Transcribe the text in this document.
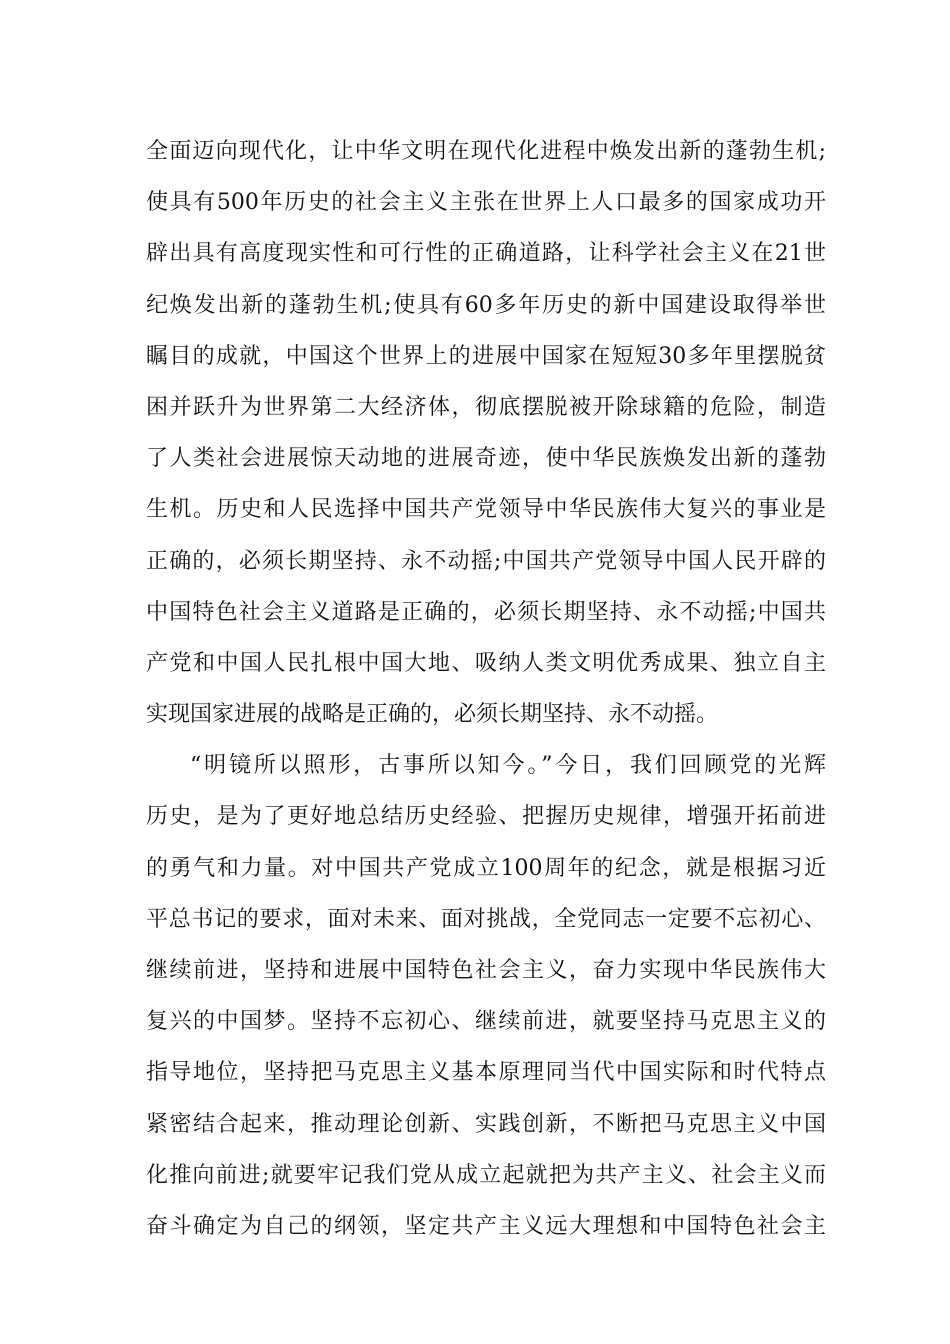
全面迈向现代化，让中华文明在现代化进程中焕发出新的蓬勃生机;
使具有500年历史的社会主义主张在世界上人口最多的国家成功开
辟出具有高度现实性和可行性的正确道路，让科学社会主义在21世
纪焕发出新的蓬勃生机;使具有60多年历史的新中国建设取得举世
瞩目的成就，中国这个世界上的进展中国家在短短30多年里摆脱贫
困并跃升为世界第二大经济体，彻底摆脱被开除球籍的危险，制造
了人类社会进展惊天动地的进展奇迹，使中华民族焕发出新的蓬勃
生机。历史和人民选择中国共产党领导中华民族伟大复兴的事业是
正确的，必须长期坚持、永不动摇;中国共产党领导中国人民开辟的
中国特色社会主义道路是正确的，必须长期坚持、永不动摇;中国共
产党和中国人民扎根中国大地、吸纳人类文明优秀成果、独立自主
实现国家进展的战略是正确的，必须长期坚持、永不动摇。
“明镜所以照形，古事所以知今。”今日，我们回顾党的光辉
历史，是为了更好地总结历史经验、把握历史规律，增强开拓前进
的勇气和力量。对中国共产党成立100周年的纪念，就是根据习近
平总书记的要求，面对未来、面对挑战，全党同志一定要不忘初心、
继续前进，坚持和进展中国特色社会主义，奋力实现中华民族伟大
复兴的中国梦。坚持不忘初心、继续前进，就要坚持马克思主义的
指导地位，坚持把马克思主义基本原理同当代中国实际和时代特点
紧密结合起来，推动理论创新、实践创新，不断把马克思主义中国
化推向前进;就要牢记我们党从成立起就把为共产主义、社会主义而
奋斗确定为自己的纲领，坚定共产主义远大理想和中国特色社会主
